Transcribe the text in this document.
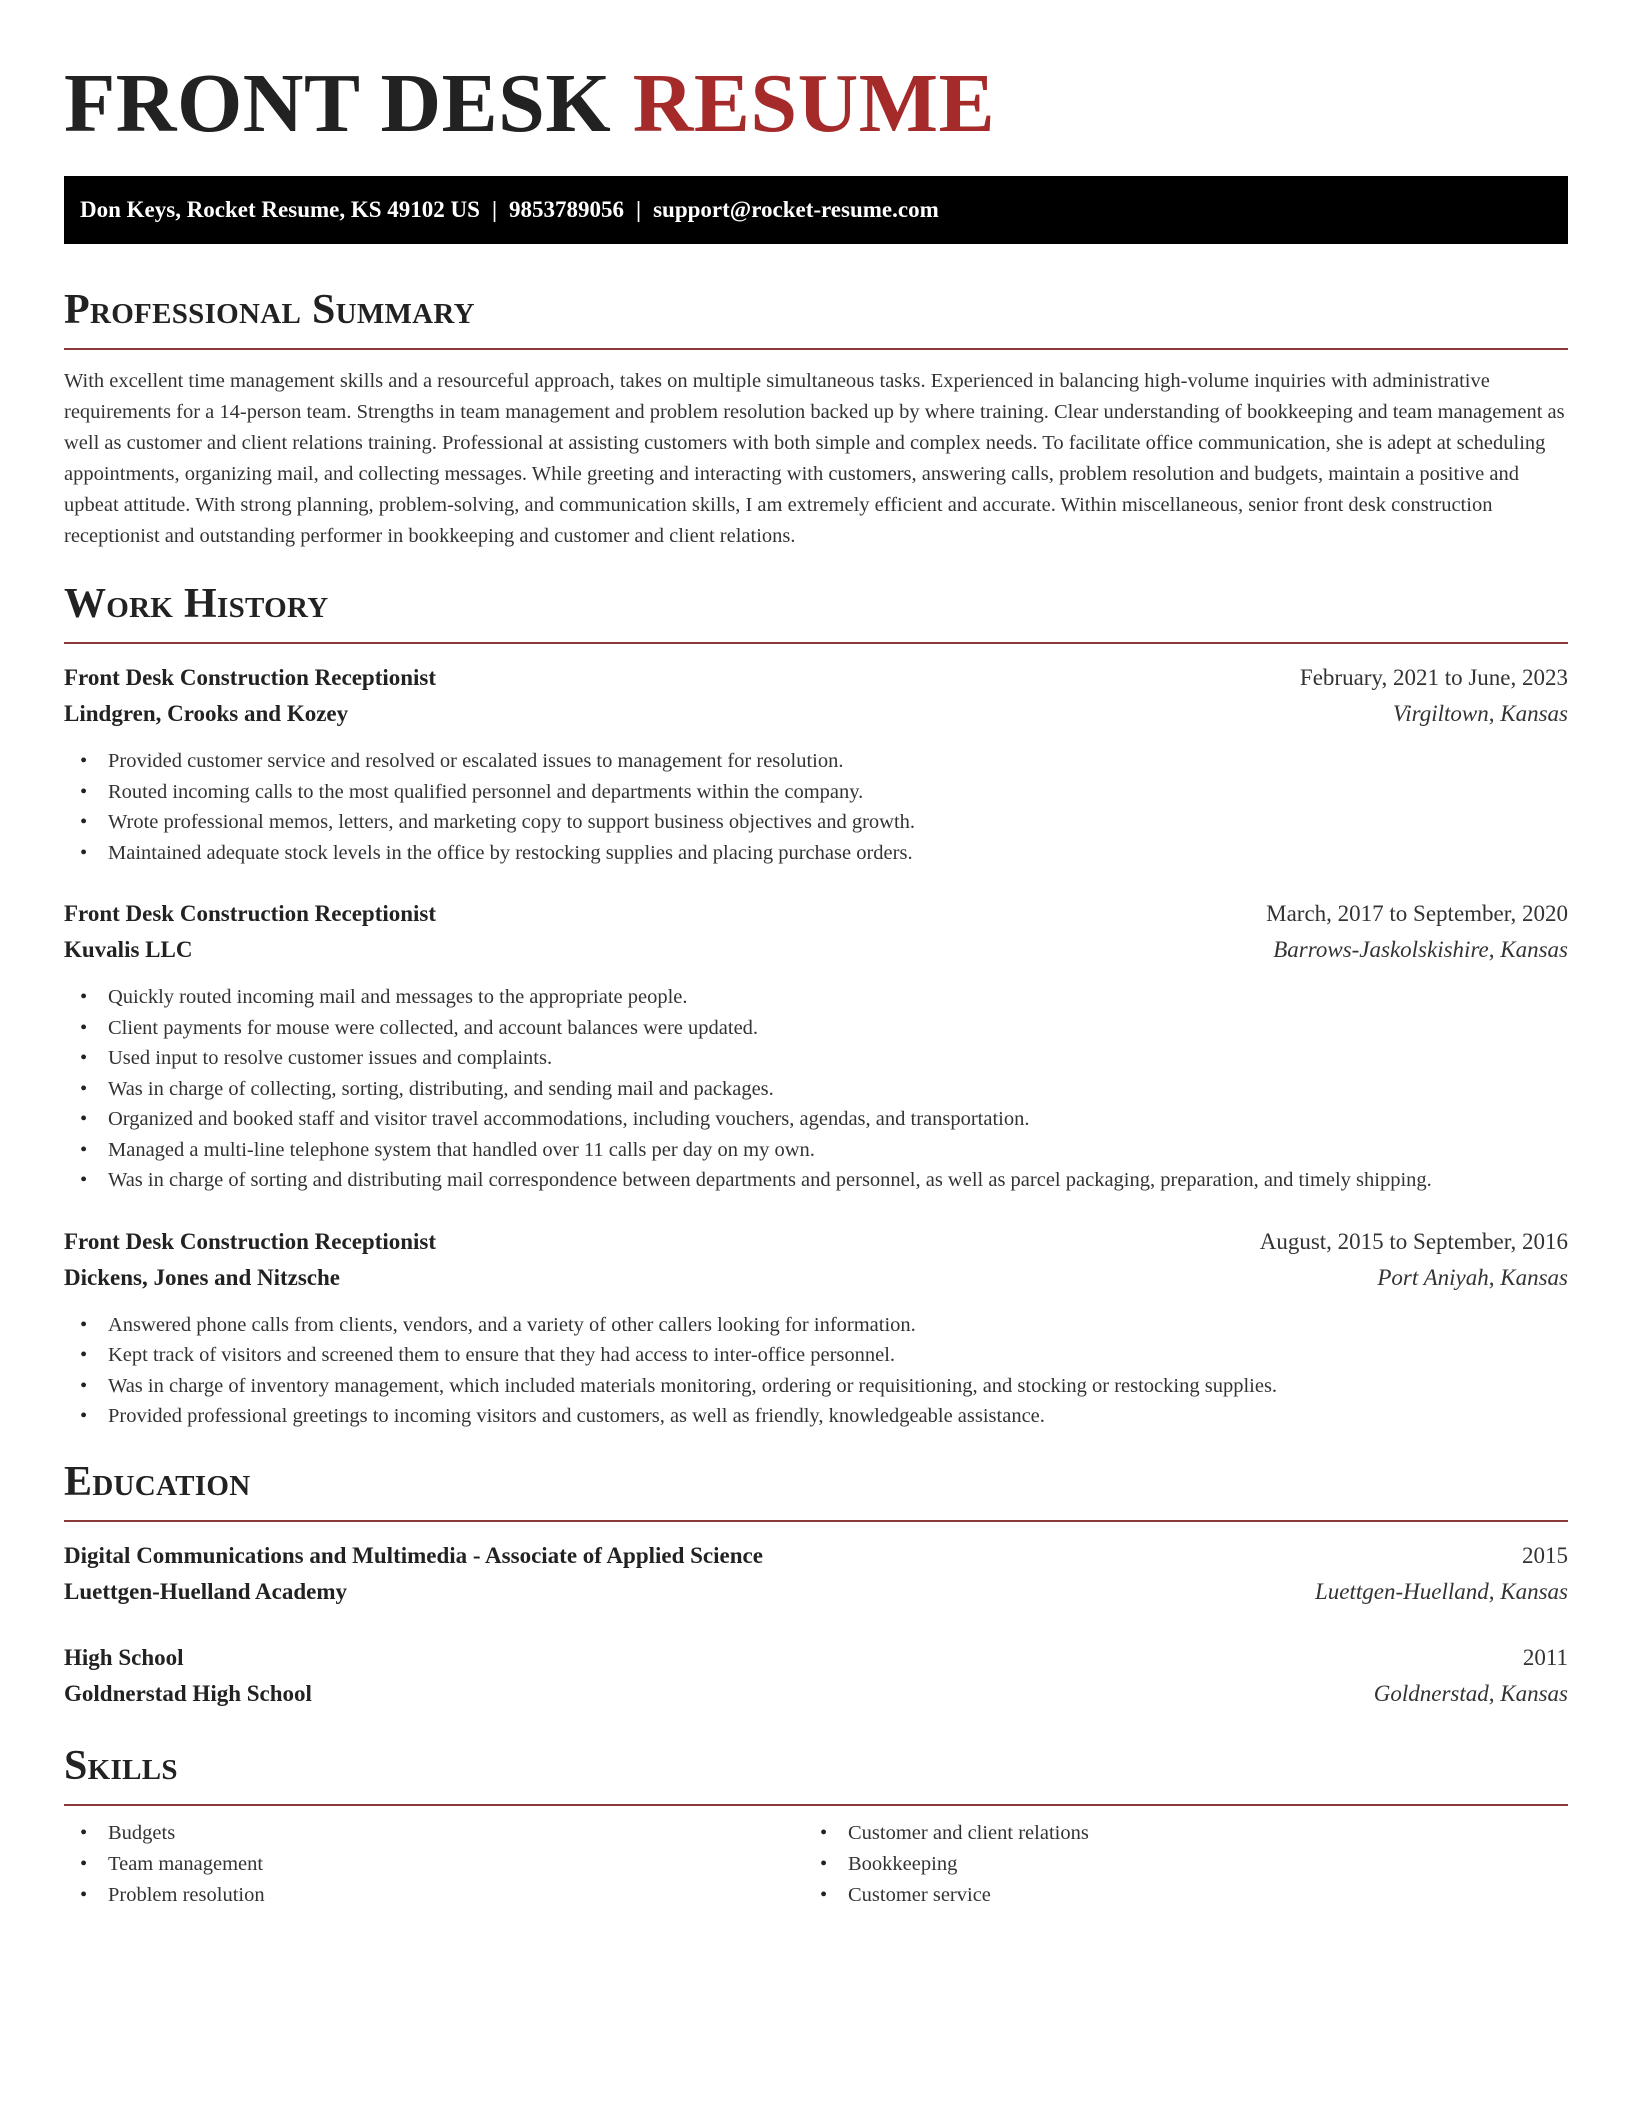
FRONT DESK RESUME
Don Keys, Rocket Resume, KS 49102 US | 9853789056 | support@rocket-resume.com
Professional Summary

With excellent time management skills and a resourceful approach, takes on multiple simultaneous tasks. Experienced in balancing high-volume inquiries with administrative requirements for a 14-person team. Strengths in team management and problem resolution backed up by where training. Clear understanding of bookkeeping and team management as well as customer and client relations training. Professional at assisting customers with both simple and complex needs. To facilitate office communication, she is adept at scheduling appointments, organizing mail, and collecting messages. While greeting and interacting with customers, answering calls, problem resolution and budgets, maintain a positive and upbeat attitude. With strong planning, problem-solving, and communication skills, I am extremely efficient and accurate. Within miscellaneous, senior front desk construction receptionist and outstanding performer in bookkeeping and customer and client relations.

Work History
Front Desk Construction Receptionist	February, 2021 to June, 2023
Lindgren, Crooks and Kozey	Virgiltown, Kansas
• Provided customer service and resolved or escalated issues to management for resolution.
• Routed incoming calls to the most qualified personnel and departments within the company.
• Wrote professional memos, letters, and marketing copy to support business objectives and growth.
• Maintained adequate stock levels in the office by restocking supplies and placing purchase orders.
Front Desk Construction Receptionist	March, 2017 to September, 2020
Kuvalis LLC	Barrows-Jaskolskishire, Kansas
• Quickly routed incoming mail and messages to the appropriate people.
• Client payments for mouse were collected, and account balances were updated.
• Used input to resolve customer issues and complaints.
• Was in charge of collecting, sorting, distributing, and sending mail and packages.
• Organized and booked staff and visitor travel accommodations, including vouchers, agendas, and transportation.
• Managed a multi-line telephone system that handled over 11 calls per day on my own.
• Was in charge of sorting and distributing mail correspondence between departments and personnel, as well as parcel packaging, preparation, and timely shipping.
Front Desk Construction Receptionist	August, 2015 to September, 2016
Dickens, Jones and Nitzsche	Port Aniyah, Kansas
• Answered phone calls from clients, vendors, and a variety of other callers looking for information.
• Kept track of visitors and screened them to ensure that they had access to inter-office personnel.
• Was in charge of inventory management, which included materials monitoring, ordering or requisitioning, and stocking or restocking supplies.
• Provided professional greetings to incoming visitors and customers, as well as friendly, knowledgeable assistance.
Education
Digital Communications and Multimedia - Associate of Applied Science	2015
Luettgen-Huelland Academy	Luettgen-Huelland, Kansas
High School	2011
Goldnerstad High School	Goldnerstad, Kansas
Skills
• Budgets
• Team management
• Problem resolution
• Customer and client relations
• Bookkeeping
• Customer service
